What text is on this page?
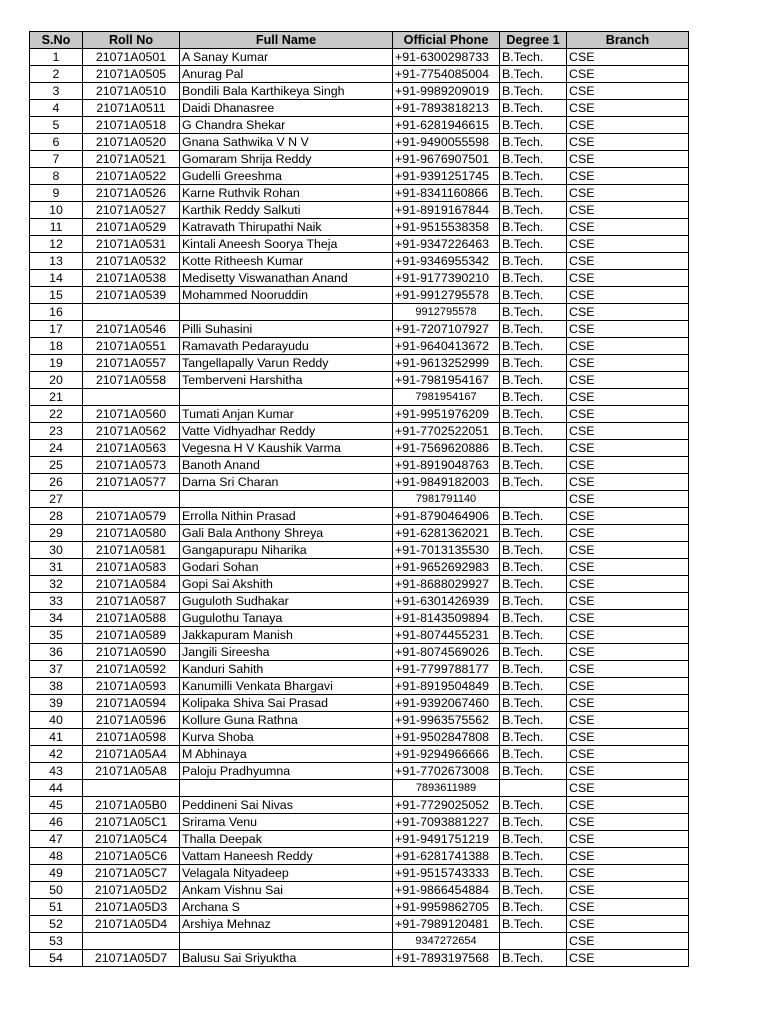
S.No	Roll No	Full Name	Official Phone	Degree 1	Branch
1	21071A0501	A Sanay Kumar	+91-6300298733	B.Tech.	CSE
2	21071A0505	Anurag Pal	+91-7754085004	B.Tech.	CSE
3	21071A0510	Bondili Bala Karthikeya Singh	+91-9989209019	B.Tech.	CSE
4	21071A0511	Daidi Dhanasree	+91-7893818213	B.Tech.	CSE
5	21071A0518	G Chandra Shekar	+91-6281946615	B.Tech.	CSE
6	21071A0520	Gnana Sathwika V N V	+91-9490055598	B.Tech.	CSE
7	21071A0521	Gomaram Shrija Reddy	+91-9676907501	B.Tech.	CSE
8	21071A0522	Gudelli Greeshma	+91-9391251745	B.Tech.	CSE
9	21071A0526	Karne Ruthvik Rohan	+91-8341160866	B.Tech.	CSE
10	21071A0527	Karthik Reddy Salkuti	+91-8919167844	B.Tech.	CSE
11	21071A0529	Katravath Thirupathi Naik	+91-9515538358	B.Tech.	CSE
12	21071A0531	Kintali Aneesh Soorya Theja	+91-9347226463	B.Tech.	CSE
13	21071A0532	Kotte Ritheesh Kumar	+91-9346955342	B.Tech.	CSE
14	21071A0538	Medisetty Viswanathan Anand	+91-9177390210	B.Tech.	CSE
15	21071A0539	Mohammed Nooruddin	+91-9912795578	B.Tech.	CSE
16			9912795578	B.Tech.	CSE
17	21071A0546	Pilli Suhasini	+91-7207107927	B.Tech.	CSE
18	21071A0551	Ramavath Pedarayudu	+91-9640413672	B.Tech.	CSE
19	21071A0557	Tangellapally Varun Reddy	+91-9613252999	B.Tech.	CSE
20	21071A0558	Temberveni Harshitha	+91-7981954167	B.Tech.	CSE
21			7981954167	B.Tech.	CSE
22	21071A0560	Tumati Anjan Kumar	+91-9951976209	B.Tech.	CSE
23	21071A0562	Vatte Vidhyadhar Reddy	+91-7702522051	B.Tech.	CSE
24	21071A0563	Vegesna H V Kaushik Varma	+91-7569620886	B.Tech.	CSE
25	21071A0573	Banoth Anand	+91-8919048763	B.Tech.	CSE
26	21071A0577	Darna Sri Charan	+91-9849182003	B.Tech.	CSE
27			7981791140		CSE
28	21071A0579	Errolla Nithin Prasad	+91-8790464906	B.Tech.	CSE
29	21071A0580	Gali Bala Anthony Shreya	+91-6281362021	B.Tech.	CSE
30	21071A0581	Gangapurapu Niharika	+91-7013135530	B.Tech.	CSE
31	21071A0583	Godari Sohan	+91-9652692983	B.Tech.	CSE
32	21071A0584	Gopi Sai Akshith	+91-8688029927	B.Tech.	CSE
33	21071A0587	Guguloth Sudhakar	+91-6301426939	B.Tech.	CSE
34	21071A0588	Gugulothu Tanaya	+91-8143509894	B.Tech.	CSE
35	21071A0589	Jakkapuram Manish	+91-8074455231	B.Tech.	CSE
36	21071A0590	Jangili Sireesha	+91-8074569026	B.Tech.	CSE
37	21071A0592	Kanduri Sahith	+91-7799788177	B.Tech.	CSE
38	21071A0593	Kanumilli Venkata Bhargavi	+91-8919504849	B.Tech.	CSE
39	21071A0594	Kolipaka Shiva Sai Prasad	+91-9392067460	B.Tech.	CSE
40	21071A0596	Kollure Guna Rathna	+91-9963575562	B.Tech.	CSE
41	21071A0598	Kurva Shoba	+91-9502847808	B.Tech.	CSE
42	21071A05A4	M Abhinaya	+91-9294966666	B.Tech.	CSE
43	21071A05A8	Paloju Pradhyumna	+91-7702673008	B.Tech.	CSE
44			7893611989		CSE
45	21071A05B0	Peddineni Sai Nivas	+91-7729025052	B.Tech.	CSE
46	21071A05C1	Srirama Venu	+91-7093881227	B.Tech.	CSE
47	21071A05C4	Thalla Deepak	+91-9491751219	B.Tech.	CSE
48	21071A05C6	Vattam Haneesh Reddy	+91-6281741388	B.Tech.	CSE
49	21071A05C7	Velagala Nityadeep	+91-9515743333	B.Tech.	CSE
50	21071A05D2	Ankam Vishnu Sai	+91-9866454884	B.Tech.	CSE
51	21071A05D3	Archana S	+91-9959862705	B.Tech.	CSE
52	21071A05D4	Arshiya Mehnaz	+91-7989120481	B.Tech.	CSE
53			9347272654		CSE
54	21071A05D7	Balusu Sai Sriyuktha	+91-7893197568	B.Tech.	CSE
